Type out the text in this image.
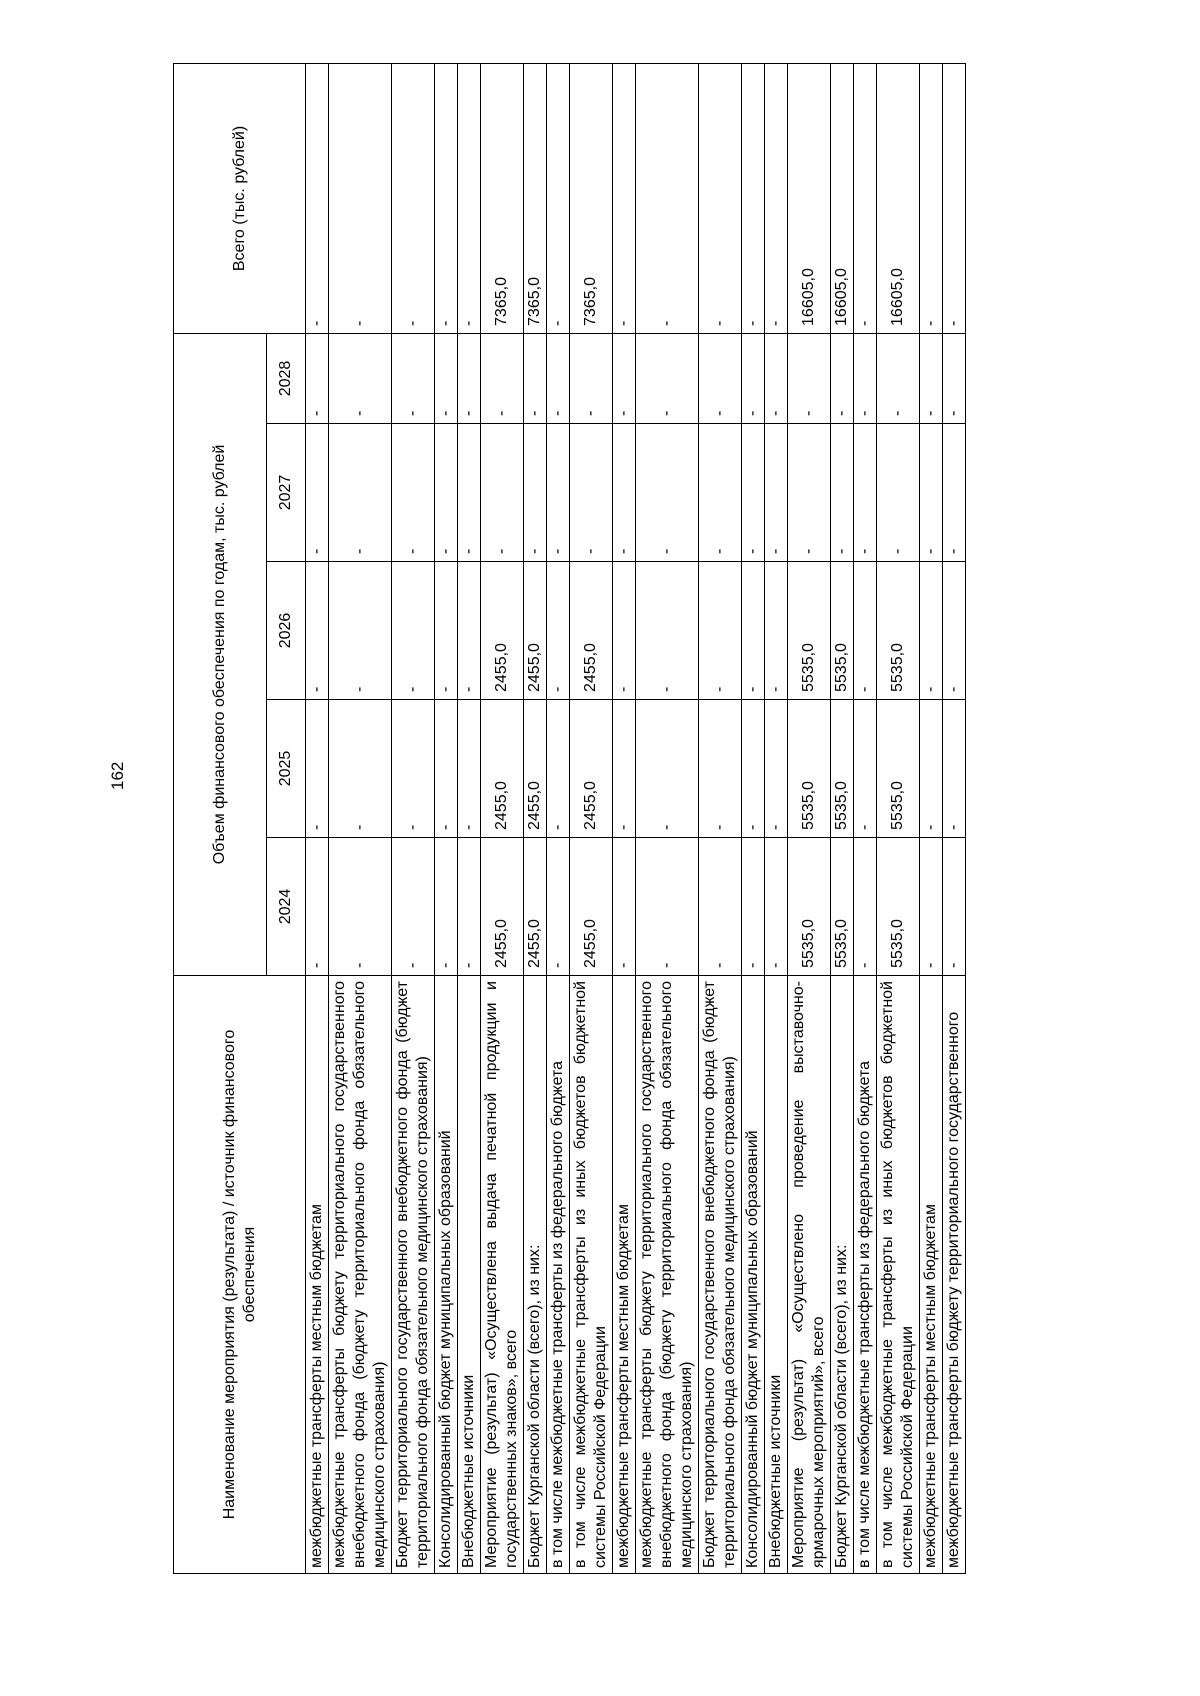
162
Наименование мероприятия (результата) / источник финансового обеспечения	Объем финансового обеспечения по годам, тыс. рублей					Всего (тыс. рублей)
	2024	2025	2026	2027	2028	
межбюджетные трансферты местным бюджетам	-	-	-	-	-	-
межбюджетные трансферты бюджету территориального государственного внебюджетного фонда (бюджету территориального фонда обязательного медицинского страхования)	-	-	-	-	-	-
Бюджет территориального государственного внебюджетного фонда (бюджет территориального фонда обязательного медицинского страхования)	-	-	-	-	-	-
Консолидированный бюджет муниципальных образований	-	-	-	-	-	-
Внебюджетные источники	-	-	-	-	-	-
Мероприятие (результат) «Осуществлена выдача печатной продукции и государственных знаков», всего	2455,0	2455,0	2455,0	-	-	7365,0
Бюджет Курганской области (всего), из них:	2455,0	2455,0	2455,0	-	-	7365,0
в том числе межбюджетные трансферты из федерального бюджета	-	-	-	-	-	-
в том числе межбюджетные трансферты из иных бюджетов бюджетной системы Российской Федерации	2455,0	2455,0	2455,0	-	-	7365,0
межбюджетные трансферты местным бюджетам	-	-	-	-	-	-
межбюджетные трансферты бюджету территориального государственного внебюджетного фонда (бюджету территориального фонда обязательного медицинского страхования)	-	-	-	-	-	-
Бюджет территориального государственного внебюджетного фонда (бюджет территориального фонда обязательного медицинского страхования)	-	-	-	-	-	-
Консолидированный бюджет муниципальных образований	-	-	-	-	-	-
Внебюджетные источники	-	-	-	-	-	-
Мероприятие (результат) «Осуществлено проведение выставочно-ярмарочных мероприятий», всего	5535,0	5535,0	5535,0	-	-	16605,0
Бюджет Курганской области (всего), из них:	5535,0	5535,0	5535,0	-	-	16605,0
в том числе межбюджетные трансферты из федерального бюджета	-	-	-	-	-	-
в том числе межбюджетные трансферты из иных бюджетов бюджетной системы Российской Федерации	5535,0	5535,0	5535,0	-	-	16605,0
межбюджетные трансферты местным бюджетам	-	-	-	-	-	-
межбюджетные трансферты бюджету территориального государственного	-	-	-	-	-	-
